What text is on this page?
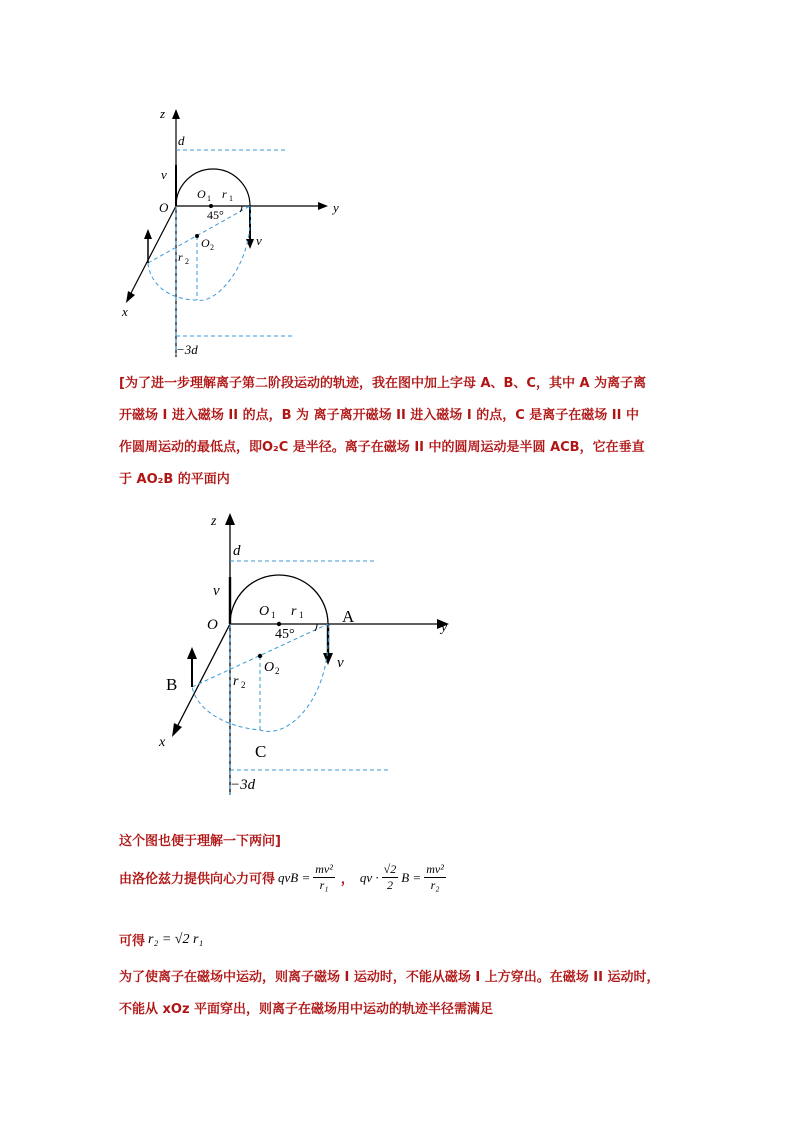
z
y
x
O
d
v
v
O 1 r 1
45°
O 2
r 2
−3d
[为了进一步理解离子第二阶段运动的轨迹，我在图中加上字母 A、B、C，其中 A 为离子离
开磁场 I 进入磁场 II 的点，B 为 离子离开磁场 II 进入磁场 I 的点，C 是离子在磁场 II 中
作圆周运动的最低点，即O₂C 是半径。离子在磁场 II 中的圆周运动是半圆 ACB，它在垂直
于 AO₂B 的平面内
z
y
x
O
d
v
v
O 1 r 1
45°
O 2
r 2
−3d
A
B
C
这个图也便于理解一下两问]
由洛伦兹力提供向心力可得 qvB = $\frac{\text{mv²}}{\text{r₁}}$ ， qv · $\frac{√2}{2}$ $B = \frac{\text{mv²}}{\text{r₂}}$
可得 r₂ = √2 r₁
为了使离子在磁场中运动，则离子磁场 I 运动时，不能从磁场 I 上方穿出。在磁场 II 运动时，
不能从 xOz 平面穿出，则离子在磁场用中运动的轨迹半径需满足
